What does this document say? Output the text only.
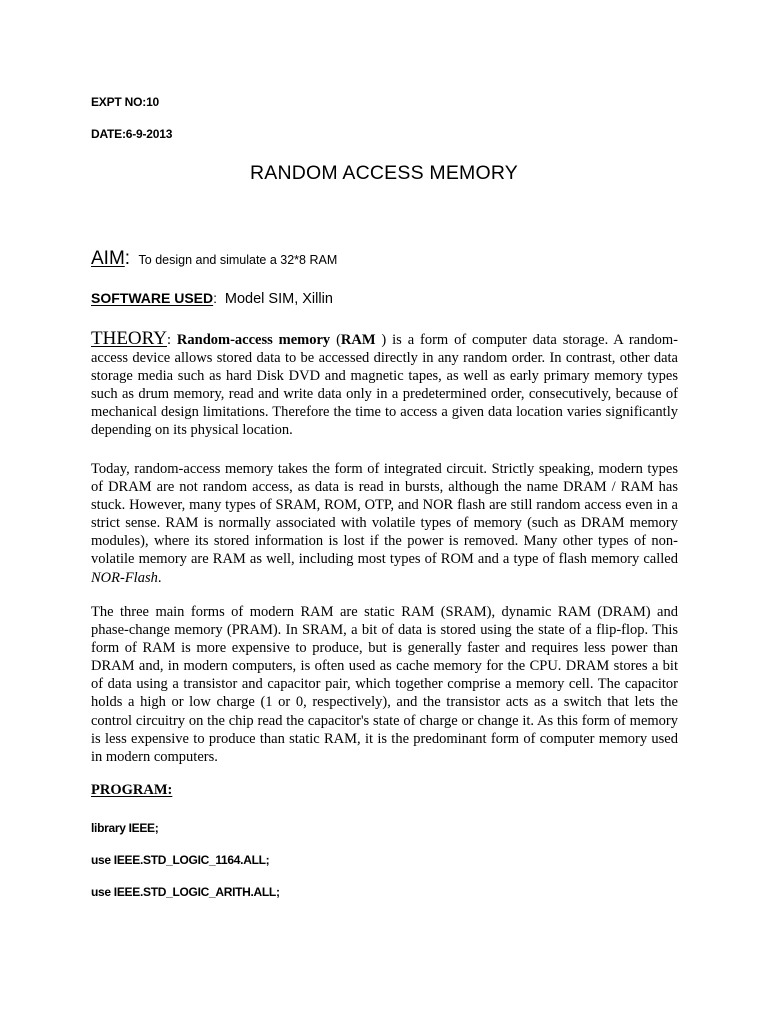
EXPT NO:10
DATE:6-9-2013
RANDOM ACCESS MEMORY
AIM: To design and simulate a 32*8 RAM
SOFTWARE USED: Model SIM, Xillin

THEORY: Random-access memory (RAM ) is a form of computer data storage. A random-access device allows stored data to be accessed directly in any random order. In contrast, other data storage media such as hard Disk DVD and magnetic tapes, as well as early primary memory types such as drum memory, read and write data only in a predetermined order, consecutively, because of mechanical design limitations. Therefore the time to access a given data location varies significantly depending on its physical location.

Today, random-access memory takes the form of integrated circuit. Strictly speaking, modern types of DRAM are not random access, as data is read in bursts, although the name DRAM / RAM has stuck. However, many types of SRAM, ROM, OTP, and NOR flash are still random access even in a strict sense. RAM is normally associated with volatile types of memory (such as DRAM memory modules), where its stored information is lost if the power is removed. Many other types of non-volatile memory are RAM as well, including most types of ROM and a type of flash memory called NOR-Flash.

The three main forms of modern RAM are static RAM (SRAM), dynamic RAM (DRAM) and phase-change memory (PRAM). In SRAM, a bit of data is stored using the state of a flip-flop. This form of RAM is more expensive to produce, but is generally faster and requires less power than DRAM and, in modern computers, is often used as cache memory for the CPU. DRAM stores a bit of data using a transistor and capacitor pair, which together comprise a memory cell. The capacitor holds a high or low charge (1 or 0, respectively), and the transistor acts as a switch that lets the control circuitry on the chip read the capacitor's state of charge or change it. As this form of memory is less expensive to produce than static RAM, it is the predominant form of computer memory used in modern computers.

PROGRAM:
library IEEE;
use IEEE.STD_LOGIC_1164.ALL;
use IEEE.STD_LOGIC_ARITH.ALL;
